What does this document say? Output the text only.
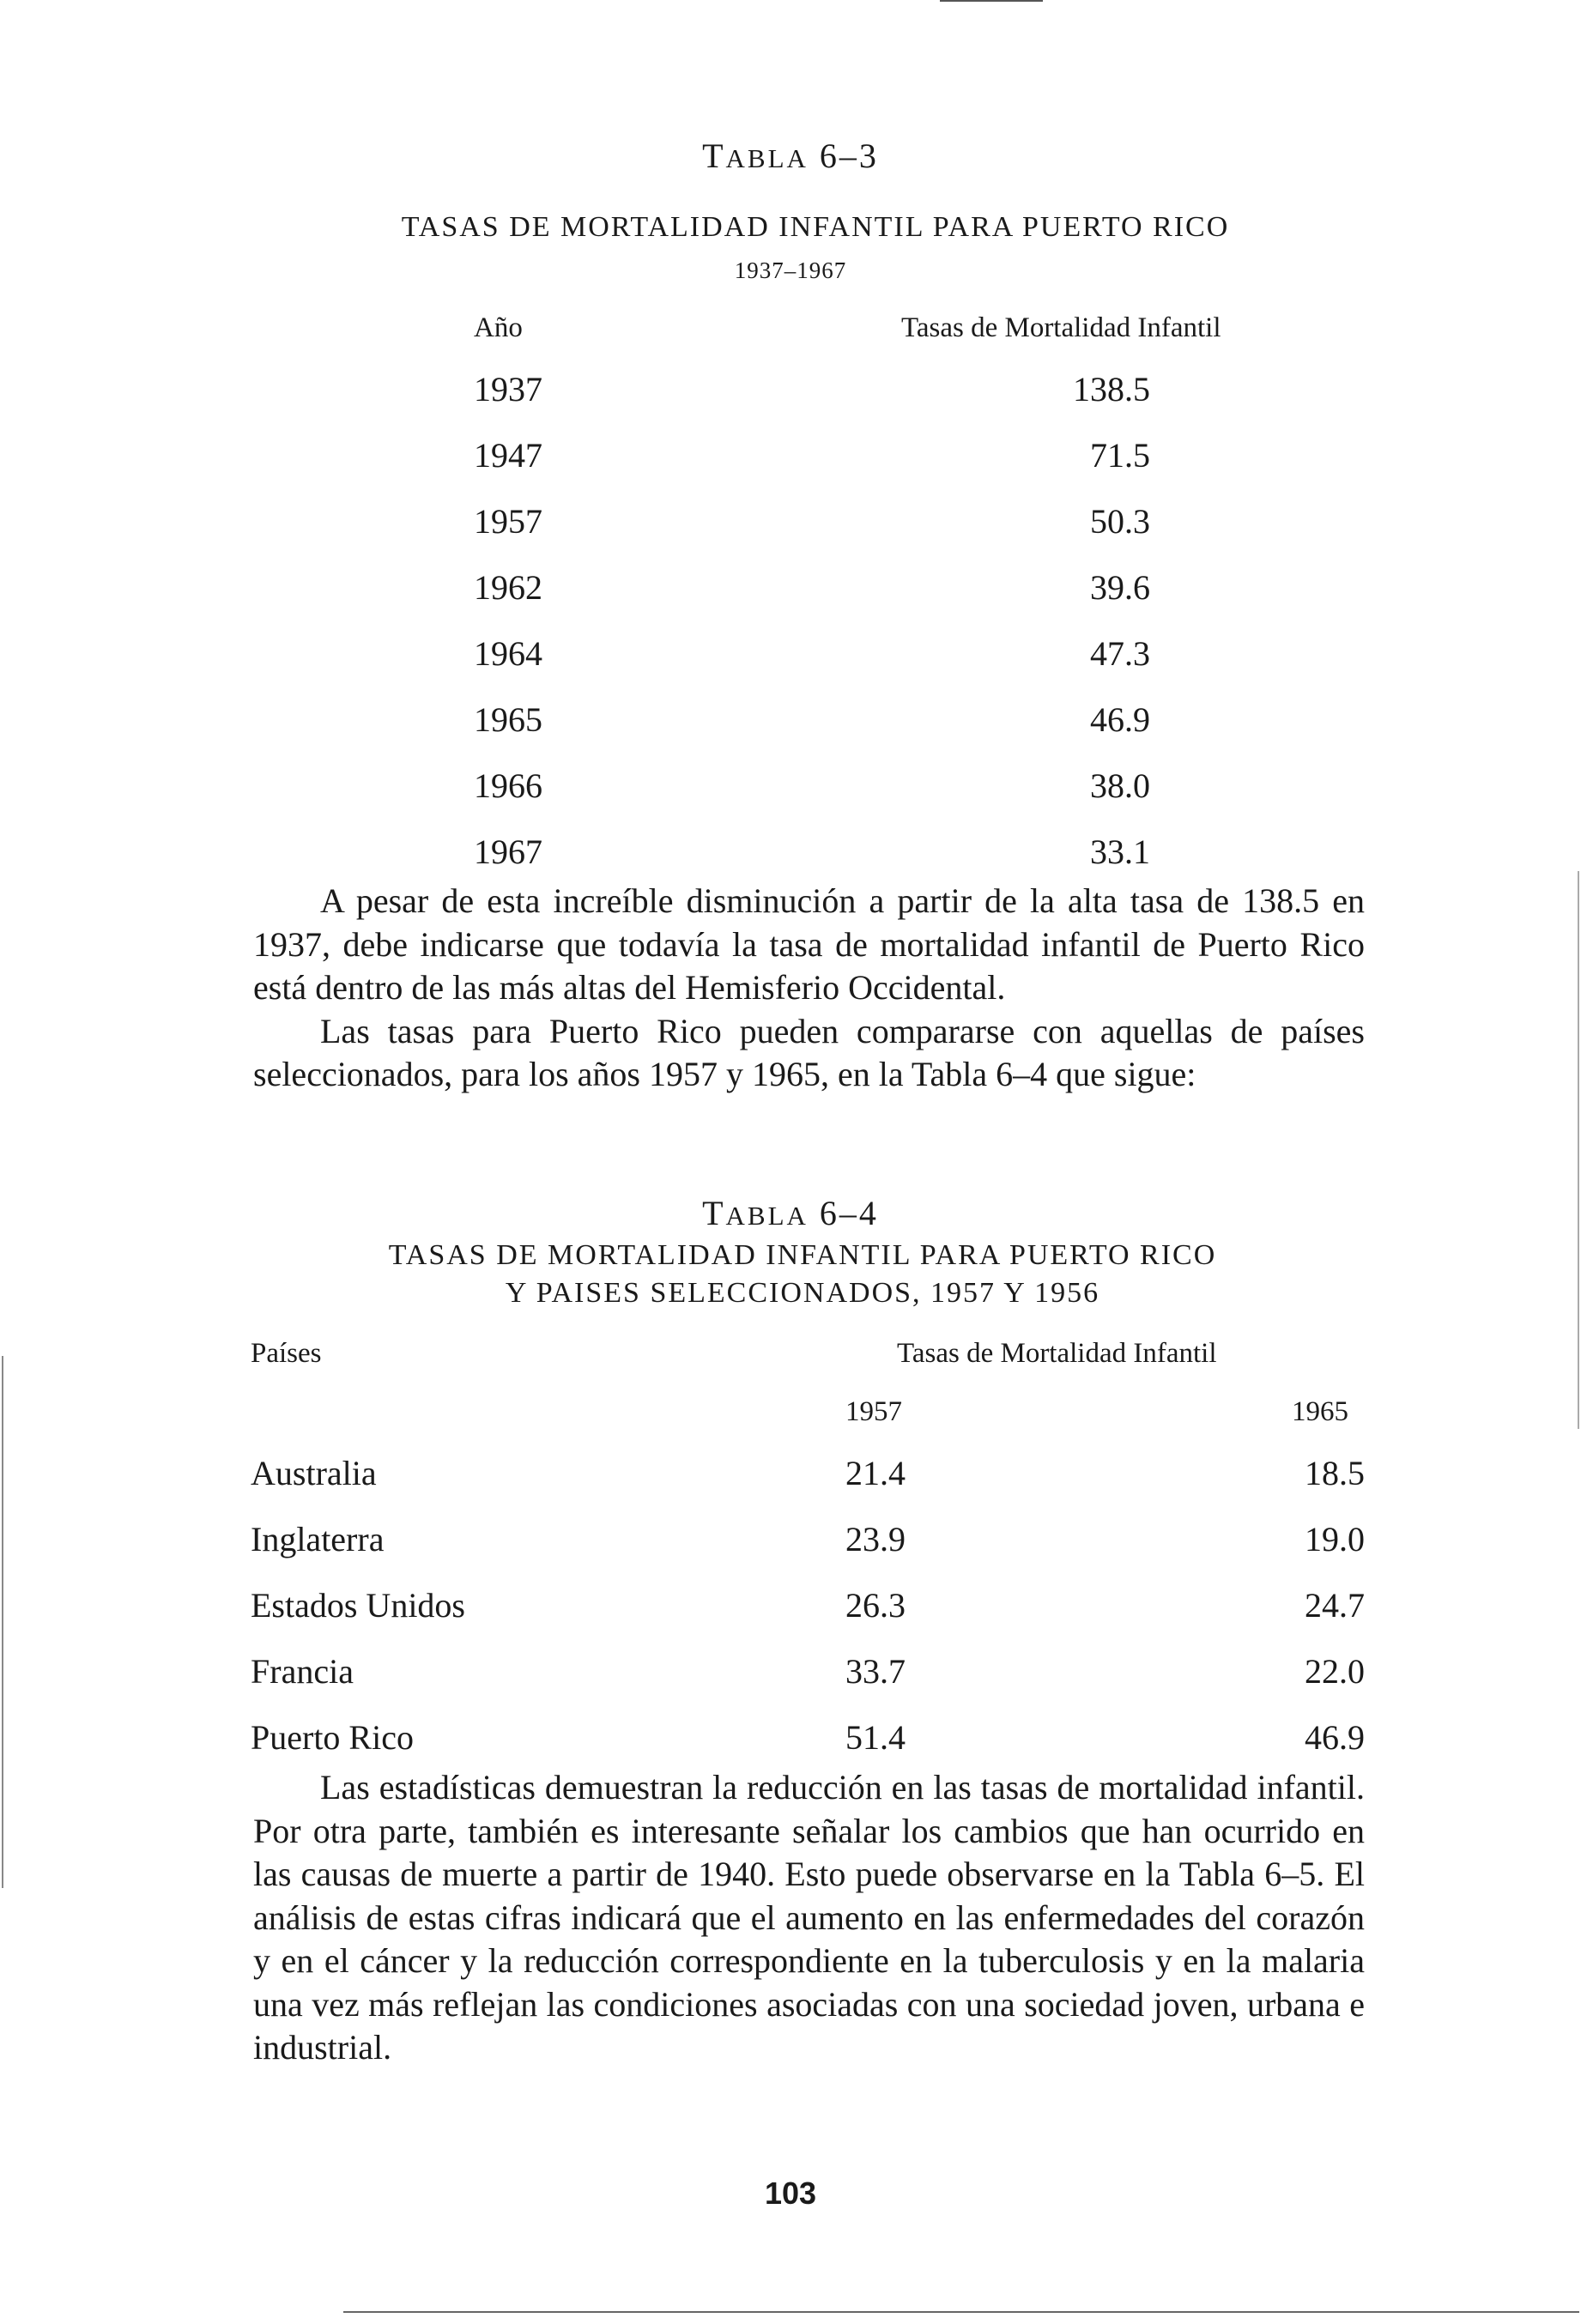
TABLA 6–3
TASAS DE MORTALIDAD INFANTIL PARA PUERTO RICO
1937–1967
Año	Tasas de Mortalidad Infantil
1937	138.5
1947	71.5
1957	50.3
1962	39.6
1964	47.3
1965	46.9
1966	38.0
1967	33.1

A pesar de esta increíble disminución a partir de la alta tasa de 138.5 en 1937, debe indicarse que todavía la tasa de mortalidad infantil de Puerto Rico está dentro de las más altas del Hemisferio Occidental.

Las tasas para Puerto Rico pueden compararse con aquellas de países seleccionados, para los años 1957 y 1965, en la Tabla 6–4 que sigue:

TABLA 6–4
TASAS DE MORTALIDAD INFANTIL PARA PUERTO RICO
Y PAISES SELECCIONADOS, 1957 Y 1956
Países	Tasas de Mortalidad Infantil
1957	1965
Australia	21.4	18.5
Inglaterra	23.9	19.0
Estados Unidos	26.3	24.7
Francia	33.7	22.0
Puerto Rico	51.4	46.9

Las estadísticas demuestran la reducción en las tasas de mortalidad infantil. Por otra parte, también es interesante señalar los cambios que han ocurrido en las causas de muerte a partir de 1940. Esto puede observarse en la Tabla 6–5. El análisis de estas cifras indicará que el aumento en las enfermedades del corazón y en el cáncer y la reducción correspondiente en la tuberculosis y en la malaria una vez más reflejan las condiciones asociadas con una sociedad joven, urbana e industrial.

103
